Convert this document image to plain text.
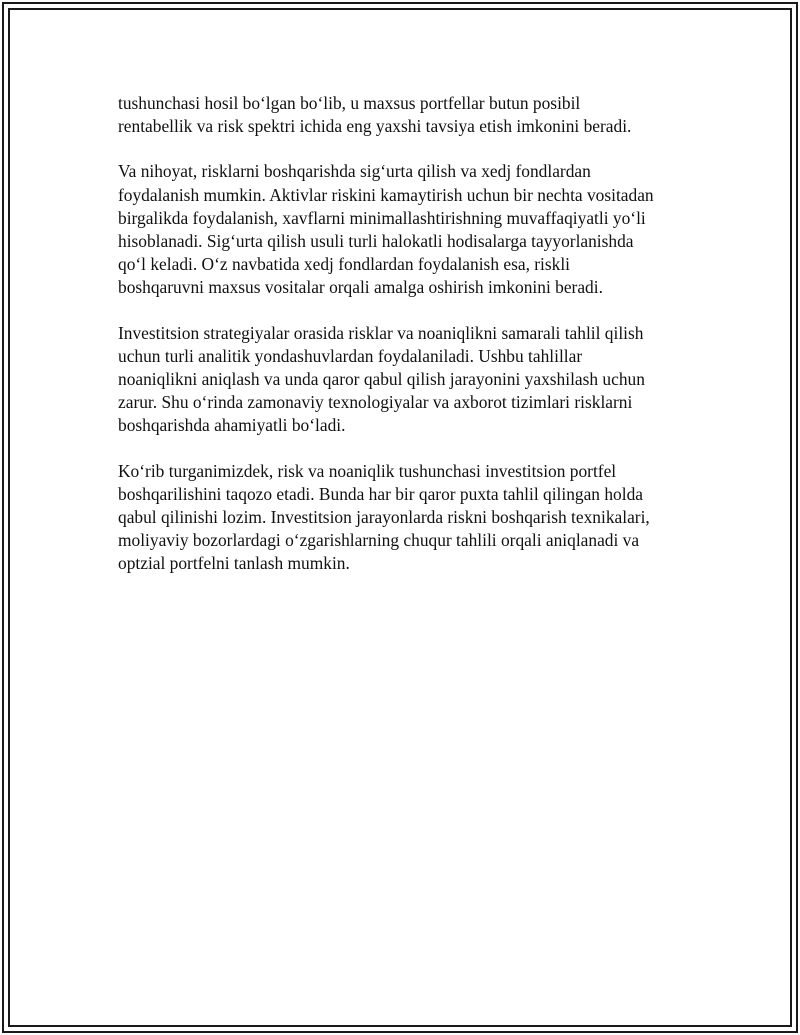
tushunchasi hosil bo‘lgan bo‘lib, u maxsus portfellar butun posibil
rentabellik va risk spektri ichida eng yaxshi tavsiya etish imkonini beradi.

Va nihoyat, risklarni boshqarishda sig‘urta qilish va xedj fondlardan
foydalanish mumkin. Aktivlar riskini kamaytirish uchun bir nechta vositadan
birgalikda foydalanish, xavflarni minimallashtirishning muvaffaqiyatli yo‘li
hisoblanadi. Sig‘urta qilish usuli turli halokatli hodisalarga tayyorlanishda
qo‘l keladi. O‘z navbatida xedj fondlardan foydalanish esa, riskli
boshqaruvni maxsus vositalar orqali amalga oshirish imkonini beradi.

Investitsion strategiyalar orasida risklar va noaniqlikni samarali tahlil qilish
uchun turli analitik yondashuvlardan foydalaniladi. Ushbu tahlillar
noaniqlikni aniqlash va unda qaror qabul qilish jarayonini yaxshilash uchun
zarur. Shu o‘rinda zamonaviy texnologiyalar va axborot tizimlari risklarni
boshqarishda ahamiyatli bo‘ladi.

Ko‘rib turganimizdek, risk va noaniqlik tushunchasi investitsion portfel
boshqarilishini taqozo etadi. Bunda har bir qaror puxta tahlil qilingan holda
qabul qilinishi lozim. Investitsion jarayonlarda riskni boshqarish texnikalari,
moliyaviy bozorlardagi o‘zgarishlarning chuqur tahlili orqali aniqlanadi va
optzial portfelni tanlash mumkin.
